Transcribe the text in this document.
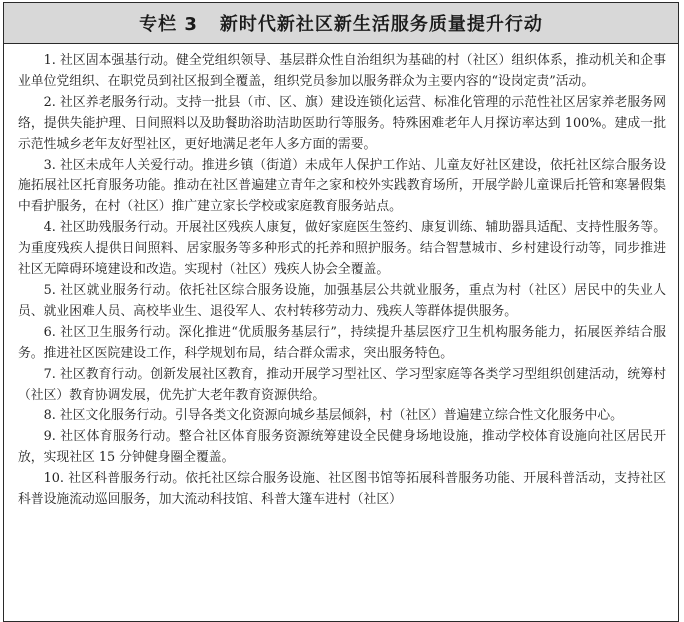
专栏 3 新时代新社区新生活服务质量提升行动

1. 社区固本强基行动。健全党组织领导、基层群众性自治组织为基础的村（社区）组织体系，推动机关和企事业单位党组织、在职党员到社区报到全覆盖，组织党员参加以服务群众为主要内容的“设岗定责”活动。

2. 社区养老服务行动。支持一批县（市、区、旗）建设连锁化运营、标准化管理的示范性社区居家养老服务网络，提供失能护理、日间照料以及助餐助浴助洁助医助行等服务。特殊困难老年人月探访率达到 100%。建成一批示范性城乡老年友好型社区，更好地满足老年人多方面的需要。

3. 社区未成年人关爱行动。推进乡镇（街道）未成年人保护工作站、儿童友好社区建设，依托社区综合服务设施拓展社区托育服务功能。推动在社区普遍建立青年之家和校外实践教育场所，开展学龄儿童课后托管和寒暑假集中看护服务，在村（社区）推广建立家长学校或家庭教育服务站点。

4. 社区助残服务行动。开展社区残疾人康复，做好家庭医生签约、康复训练、辅助器具适配、支持性服务等。为重度残疾人提供日间照料、居家服务等多种形式的托养和照护服务。结合智慧城市、乡村建设行动等，同步推进社区无障碍环境建设和改造。实现村（社区）残疾人协会全覆盖。

5. 社区就业服务行动。依托社区综合服务设施，加强基层公共就业服务，重点为村（社区）居民中的失业人员、就业困难人员、高校毕业生、退役军人、农村转移劳动力、残疾人等群体提供服务。

6. 社区卫生服务行动。深化推进“优质服务基层行”，持续提升基层医疗卫生机构服务能力，拓展医养结合服务。推进社区医院建设工作，科学规划布局，结合群众需求，突出服务特色。

7. 社区教育行动。创新发展社区教育，推动开展学习型社区、学习型家庭等各类学习型组织创建活动，统筹村（社区）教育协调发展，优先扩大老年教育资源供给。

8. 社区文化服务行动。引导各类文化资源向城乡基层倾斜，村（社区）普遍建立综合性文化服务中心。

9. 社区体育服务行动。整合社区体育服务资源统筹建设全民健身场地设施，推动学校体育设施向社区居民开放，实现社区 15 分钟健身圈全覆盖。

10. 社区科普服务行动。依托社区综合服务设施、社区图书馆等拓展科普服务功能、开展科普活动，支持社区科普设施流动巡回服务，加大流动科技馆、科普大篷车进村（社区）
